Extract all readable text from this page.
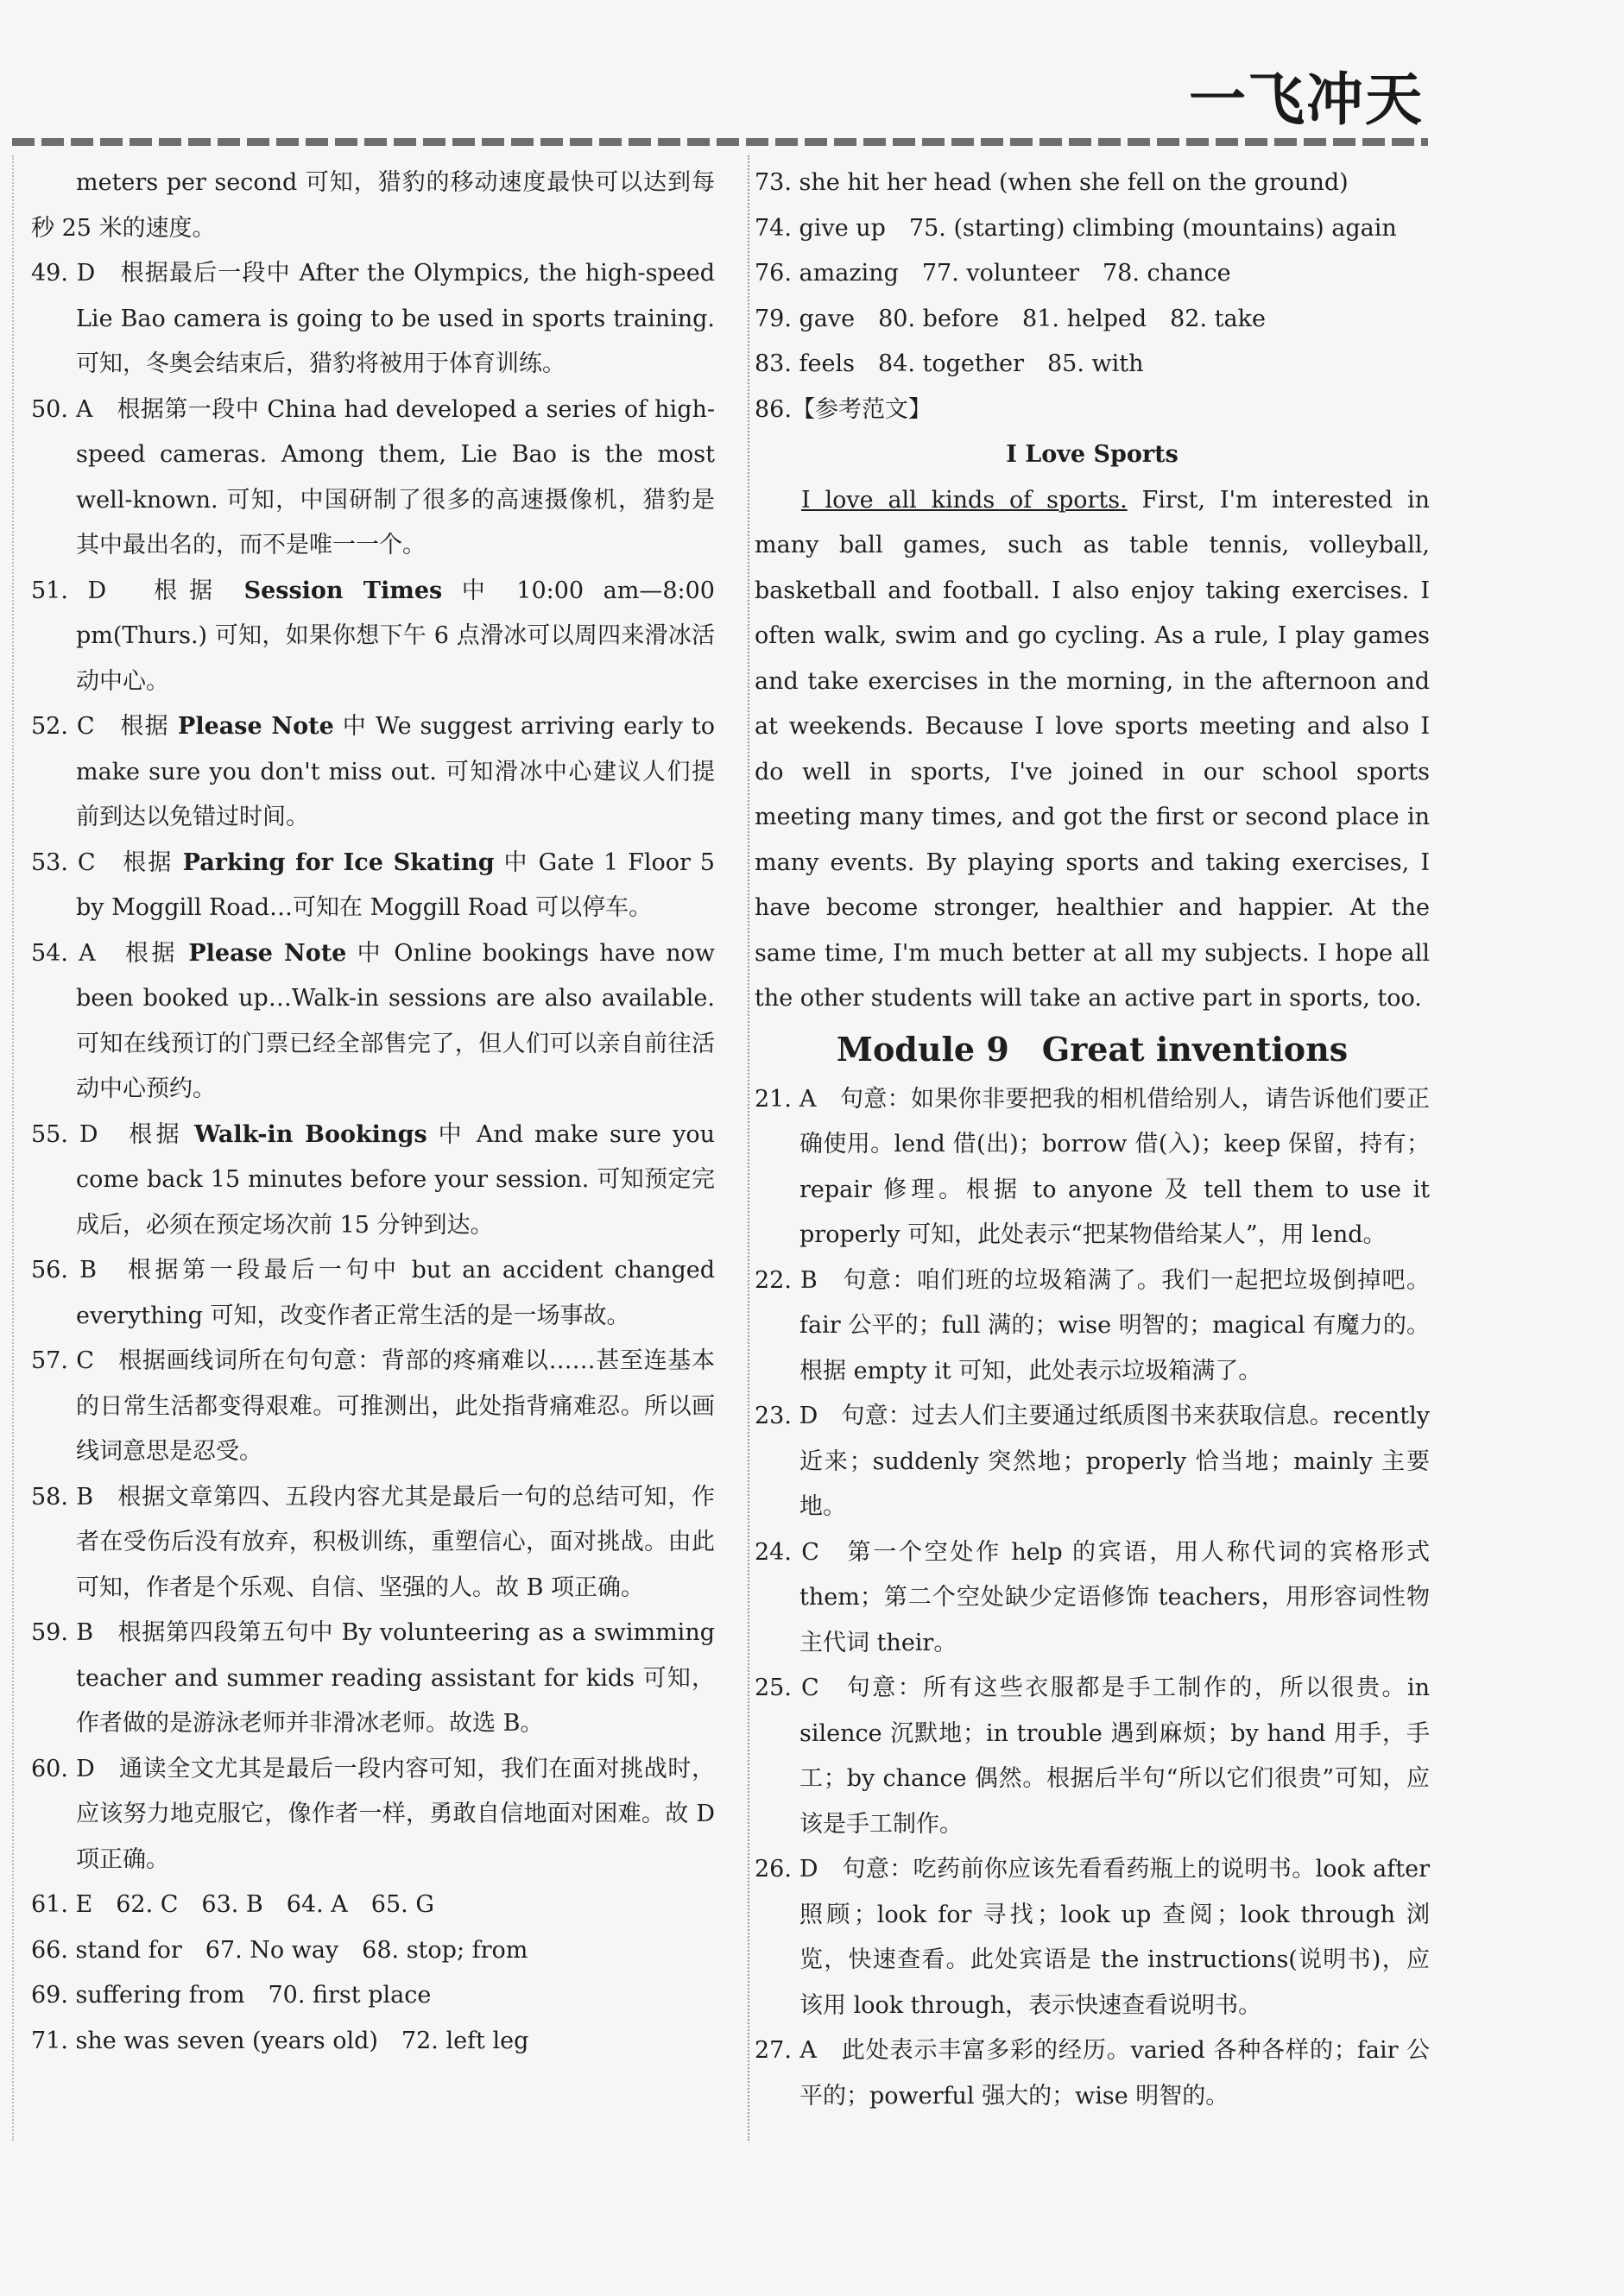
一飞冲天

meters per second 可知，猎豹的移动速度最快可以达到每秒 25 米的速度。

49. D　根据最后一段中 After the Olympics, the high-speed Lie Bao camera is going to be used in sports training. 可知，冬奥会结束后，猎豹将被用于体育训练。

50. A　根据第一段中 China had developed a series of high-speed cameras. Among them, Lie Bao is the most well-known. 可知，中国研制了很多的高速摄像机，猎豹是其中最出名的，而不是唯一一个。

51. D　根据 Session Times 中 10:00 am—8:00 pm(Thurs.) 可知，如果你想下午 6 点滑冰可以周四来滑冰活动中心。

52. C　根据 Please Note 中 We suggest arriving early to make sure you don't miss out. 可知滑冰中心建议人们提前到达以免错过时间。

53. C　根据 Parking for Ice Skating 中 Gate 1 Floor 5 by Moggill Road…可知在 Moggill Road 可以停车。

54. A　根据 Please Note 中 Online bookings have now been booked up…Walk-in sessions are also available. 可知在线预订的门票已经全部售完了，但人们可以亲自前往活动中心预约。

55. D　根据 Walk-in Bookings 中 And make sure you come back 15 minutes before your session. 可知预定完成后，必须在预定场次前 15 分钟到达。

56. B　根据第一段最后一句中 but an accident changed everything 可知，改变作者正常生活的是一场事故。

57. C　根据画线词所在句句意：背部的疼痛难以……甚至连基本的日常生活都变得艰难。可推测出，此处指背痛难忍。所以画线词意思是忍受。

58. B　根据文章第四、五段内容尤其是最后一句的总结可知，作者在受伤后没有放弃，积极训练，重塑信心，面对挑战。由此可知，作者是个乐观、自信、坚强的人。故 B 项正确。

59. B　根据第四段第五句中 By volunteering as a swimming teacher and summer reading assistant for kids 可知，作者做的是游泳老师并非滑冰老师。故选 B。

60. D　通读全文尤其是最后一段内容可知，我们在面对挑战时，应该努力地克服它，像作者一样，勇敢自信地面对困难。故 D 项正确。

61. E　62. C　63. B　64. A　65. G

66. stand for　67. No way　68. stop; from

69. suffering from　70. first place

71. she was seven (years old)　72. left leg

73. she hit her head (when she fell on the ground)

74. give up　75. (starting) climbing (mountains) again

76. amazing　77. volunteer　78. chance

79. gave　80. before　81. helped　82. take

83. feels　84. together　85. with

86.【参考范文】

I Love Sports

I love all kinds of sports. First, I'm interested in many ball games, such as table tennis, volleyball, basketball and football. I also enjoy taking exercises. I often walk, swim and go cycling. As a rule, I play games and take exercises in the morning, in the afternoon and at weekends. Because I love sports meeting and also I do well in sports, I've joined in our school sports meeting many times, and got the first or second place in many events. By playing sports and taking exercises, I have become stronger, healthier and happier. At the same time, I'm much better at all my subjects. I hope all the other students will take an active part in sports, too.

Module 9　Great inventions

21. A　句意：如果你非要把我的相机借给别人，请告诉他们要正确使用。lend 借(出)；borrow 借(入)；keep 保留，持有；repair 修理。根据 to anyone 及 tell them to use it properly 可知，此处表示“把某物借给某人”，用 lend。

22. B　句意：咱们班的垃圾箱满了。我们一起把垃圾倒掉吧。fair 公平的；full 满的；wise 明智的；magical 有魔力的。根据 empty it 可知，此处表示垃圾箱满了。

23. D　句意：过去人们主要通过纸质图书来获取信息。recently 近来；suddenly 突然地；properly 恰当地；mainly 主要地。

24. C　第一个空处作 help 的宾语，用人称代词的宾格形式 them；第二个空处缺少定语修饰 teachers，用形容词性物主代词 their。

25. C　句意：所有这些衣服都是手工制作的，所以很贵。in silence 沉默地；in trouble 遇到麻烦；by hand 用手，手工；by chance 偶然。根据后半句“所以它们很贵”可知，应该是手工制作。

26. D　句意：吃药前你应该先看看药瓶上的说明书。look after 照顾；look for 寻找；look up 查阅；look through 浏览，快速查看。此处宾语是 the instructions(说明书)，应该用 look through，表示快速查看说明书。

27. A　此处表示丰富多彩的经历。varied 各种各样的；fair 公平的；powerful 强大的；wise 明智的。
